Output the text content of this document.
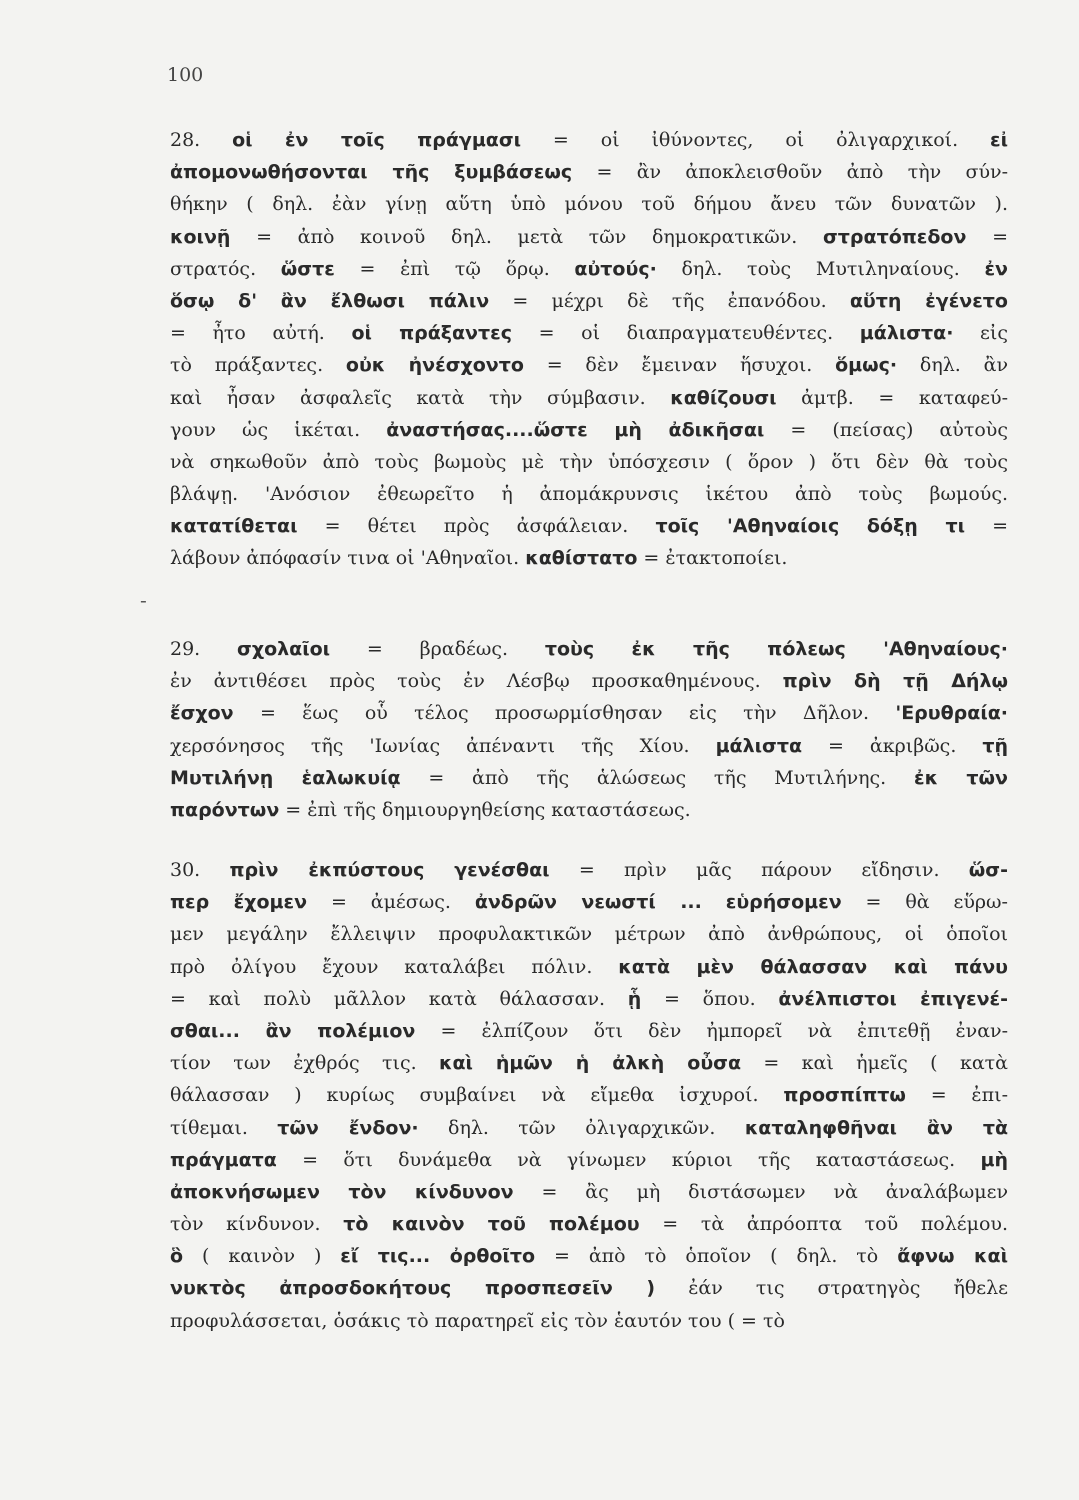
100
-
28. οἱ ἐν τοῖς πράγμασι = οἱ ἰθύνοντες, οἱ ὀλιγαρχικοί. εἰ
ἀπομονωθήσονται τῆς ξυμβάσεως = ἂν ἀποκλεισθοῦν ἀπὸ τὴν σύν-
θήκην ( δηλ. ἐὰν γίνῃ αὕτη ὑπὸ μόνου τοῦ δήμου ἄνευ τῶν δυνατῶν ).
κοινῇ = ἀπὸ κοινοῦ δηλ. μετὰ τῶν δημοκρατικῶν. στρατόπεδον =
στρατός. ὥστε = ἐπὶ τῷ ὅρῳ. αὐτούς· δηλ. τοὺς Μυτιληναίους. ἐν
ὅσῳ δ' ἂν ἔλθωσι πάλιν = μέχρι δὲ τῆς ἐπανόδου. αὕτη ἐγένετο
= ἦτο αὐτή. οἱ πράξαντες = οἱ διαπραγματευθέντες. μάλιστα· εἰς
τὸ πράξαντες. οὐκ ἠνέσχοντο = δὲν ἔμειναν ἥσυχοι. ὅμως· δηλ. ἂν
καὶ ἦσαν ἀσφαλεῖς κατὰ τὴν σύμβασιν. καθίζουσι ἀμτβ. = καταφεύ-
γουν ὡς ἱκέται. ἀναστήσας....ὥστε μὴ ἀδικῆσαι = (πείσας) αὐτοὺς
νὰ σηκωθοῦν ἀπὸ τοὺς βωμοὺς μὲ τὴν ὑπόσχεσιν ( ὅρον ) ὅτι δὲν θὰ τοὺς
βλάψῃ. 'Ανόσιον ἐθεωρεῖτο ἡ ἀπομάκρυνσις ἱκέτου ἀπὸ τοὺς βωμούς.
κατατίθεται = θέτει πρὸς ἀσφάλειαν. τοῖς 'Αθηναίοις δόξῃ τι =
λάβουν ἀπόφασίν τινα οἱ 'Αθηναῖοι. καθίστατο = ἐτακτοποίει.
29. σχολαῖοι = βραδέως. τοὺς ἐκ τῆς πόλεως 'Αθηναίους·
ἐν ἀντιθέσει πρὸς τοὺς ἐν Λέσβῳ προσκαθημένους. πρὶν δὴ τῇ Δήλῳ
ἔσχον = ἕως οὗ τέλος προσωρμίσθησαν εἰς τὴν Δῆλον. 'Ερυθραία·
χερσόνησος τῆς 'Ιωνίας ἀπέναντι τῆς Χίου. μάλιστα = ἀκριβῶς. τῇ
Μυτιλήνῃ ἑαλωκυίᾳ = ἀπὸ τῆς ἁλώσεως τῆς Μυτιλήνης. ἐκ τῶν
παρόντων = ἐπὶ τῆς δημιουργηθείσης καταστάσεως.
30. πρὶν ἐκπύστους γενέσθαι = πρὶν μᾶς πάρουν εἴδησιν. ὥσ-
περ ἔχομεν = ἀμέσως. ἀνδρῶν νεωστί ... εὑρήσομεν = θὰ εὕρω-
μεν μεγάλην ἔλλειψιν προφυλακτικῶν μέτρων ἀπὸ ἀνθρώπους, οἱ ὁποῖοι
πρὸ ὀλίγου ἔχουν καταλάβει πόλιν. κατὰ μὲν θάλασσαν καὶ πάνυ
= καὶ πολὺ μᾶλλον κατὰ θάλασσαν. ᾗ = ὅπου. ἀνέλπιστοι ἐπιγενέ-
σθαι... ἂν πολέμιον = ἐλπίζουν ὅτι δὲν ἠμπορεῖ νὰ ἐπιτεθῇ ἐναν-
τίον των ἐχθρός τις. καὶ ἡμῶν ἡ ἀλκὴ οὖσα = καὶ ἡμεῖς ( κατὰ
θάλασσαν ) κυρίως συμβαίνει νὰ εἴμεθα ἰσχυροί. προσπίπτω = ἐπι-
τίθεμαι. τῶν ἔνδον· δηλ. τῶν ὀλιγαρχικῶν. καταληφθῆναι ἂν τὰ
πράγματα = ὅτι δυνάμεθα νὰ γίνωμεν κύριοι τῆς καταστάσεως. μὴ
ἀποκνήσωμεν τὸν κίνδυνον = ἂς μὴ διστάσωμεν νὰ ἀναλάβωμεν
τὸν κίνδυνον. τὸ καινὸν τοῦ πολέμου = τὰ ἀπρόοπτα τοῦ πολέμου.
ὃ ( καινὸν ) εἴ τις... ὀρθοῖτο = ἀπὸ τὸ ὁποῖον ( δηλ. τὸ ἄφνω καὶ
νυκτὸς ἀπροσδοκήτους προσπεσεῖν ) ἐάν τις στρατηγὸς ἤθελε
προφυλάσσεται, ὁσάκις τὸ παρατηρεῖ εἰς τὸν ἑαυτόν του ( = τὸ
